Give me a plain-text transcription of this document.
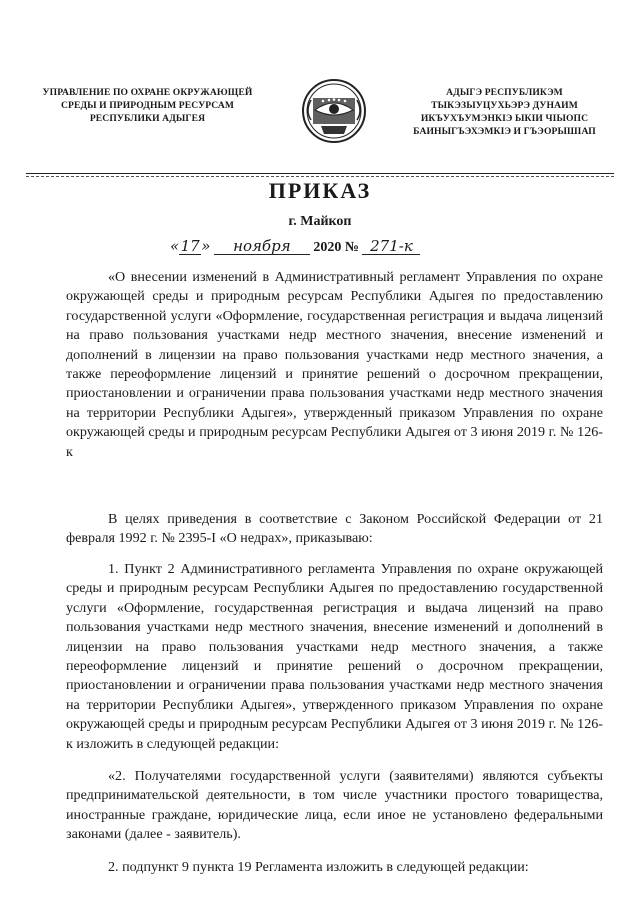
УПРАВЛЕНИЕ ПО ОХРАНЕ ОКРУЖАЮЩЕЙ
СРЕДЫ И ПРИРОДНЫМ РЕСУРСАМ
РЕСПУБЛИКИ АДЫГЕЯ
АДЫГЭ РЕСПУБЛИКЭМ
ТЫКЭЗЫУЦУХЬЭРЭ ДУНАИМ
ИКЪУХЪУМЭНКIЭ ЫКIИ ЧIЫОПС
БАИНЫГЪЭХЭМКIЭ И ГЪЭОРЫШIАП
ПРИКАЗ
г. Майкоп
«17» ноября 2020 № 271-к

«О внесении изменений в Административный регламент Управления по охране окружающей среды и природным ресурсам Республики Адыгея по предоставлению государственной услуги «Оформление, государственная регистрация и выдача лицензий на право пользования участками недр местного значения, внесение изменений и дополнений в лицензии на право пользования участками недр местного значения, а также переоформление лицензий и принятие решений о досрочном прекращении, приостановлении и ограничении права пользования участками недр местного значения на территории Республики Адыгея», утвержденный приказом Управления по охране окружающей среды и природным ресурсам Республики Адыгея от 3 июня 2019 г. № 126-к

В целях приведения в соответствие с Законом Российской Федерации от 21 февраля 1992 г. № 2395-I «О недрах», приказываю:

1. Пункт 2 Административного регламента Управления по охране окружающей среды и природным ресурсам Республики Адыгея по предоставлению государственной услуги «Оформление, государственная регистрация и выдача лицензий на право пользования участками недр местного значения, внесение изменений и дополнений в лицензии на право пользования участками недр местного значения, а также переоформление лицензий и принятие решений о досрочном прекращении, приостановлении и ограничении права пользования участками недр местного значения на территории Республики Адыгея», утвержденного приказом Управления по охране окружающей среды и природным ресурсам Республики Адыгея от 3 июня 2019 г. № 126-к изложить в следующей редакции:

«2. Получателями государственной услуги (заявителями) являются субъекты предпринимательской деятельности, в том числе участники простого товарищества, иностранные граждане, юридические лица, если иное не установлено федеральными законами (далее - заявитель).

2. подпункт 9 пункта 19 Регламента изложить в следующей редакции:
